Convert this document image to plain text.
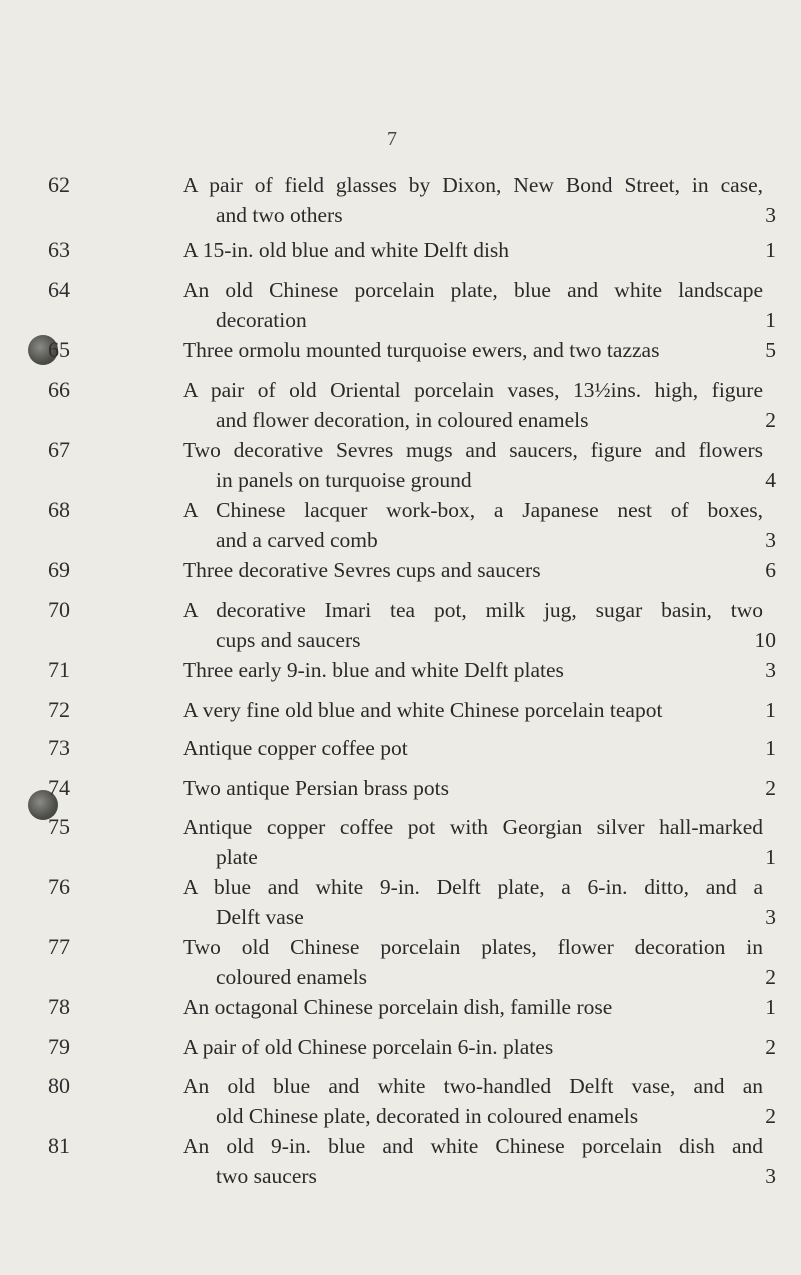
7
62	A pair of field glasses by Dixon, New Bond Street, in case,
and two others	3
63	A 15-in. old blue and white Delft dish	1
64	An old Chinese porcelain plate, blue and white landscape
decoration	1
65	Three ormolu mounted turquoise ewers, and two tazzas	5
66	A pair of old Oriental porcelain vases, 13½ins. high, figure
and flower decoration, in coloured enamels	2
67	Two decorative Sevres mugs and saucers, figure and flowers
in panels on turquoise ground	4
68	A Chinese lacquer work-box, a Japanese nest of boxes,
and a carved comb	3
69	Three decorative Sevres cups and saucers	6
70	A decorative Imari tea pot, milk jug, sugar basin, two
cups and saucers	10
71	Three early 9-in. blue and white Delft plates	3
72	A very fine old blue and white Chinese porcelain teapot	1
73	Antique copper coffee pot	1
74	Two antique Persian brass pots	2
75	Antique copper coffee pot with Georgian silver hall-marked
plate	1
76	A blue and white 9-in. Delft plate, a 6-in. ditto, and a
Delft vase	3
77	Two old Chinese porcelain plates, flower decoration in
coloured enamels	2
78	An octagonal Chinese porcelain dish, famille rose	1
79	A pair of old Chinese porcelain 6-in. plates	2
80	An old blue and white two-handled Delft vase, and an
old Chinese plate, decorated in coloured enamels	2
81	An old 9-in. blue and white Chinese porcelain dish and
two saucers	3
